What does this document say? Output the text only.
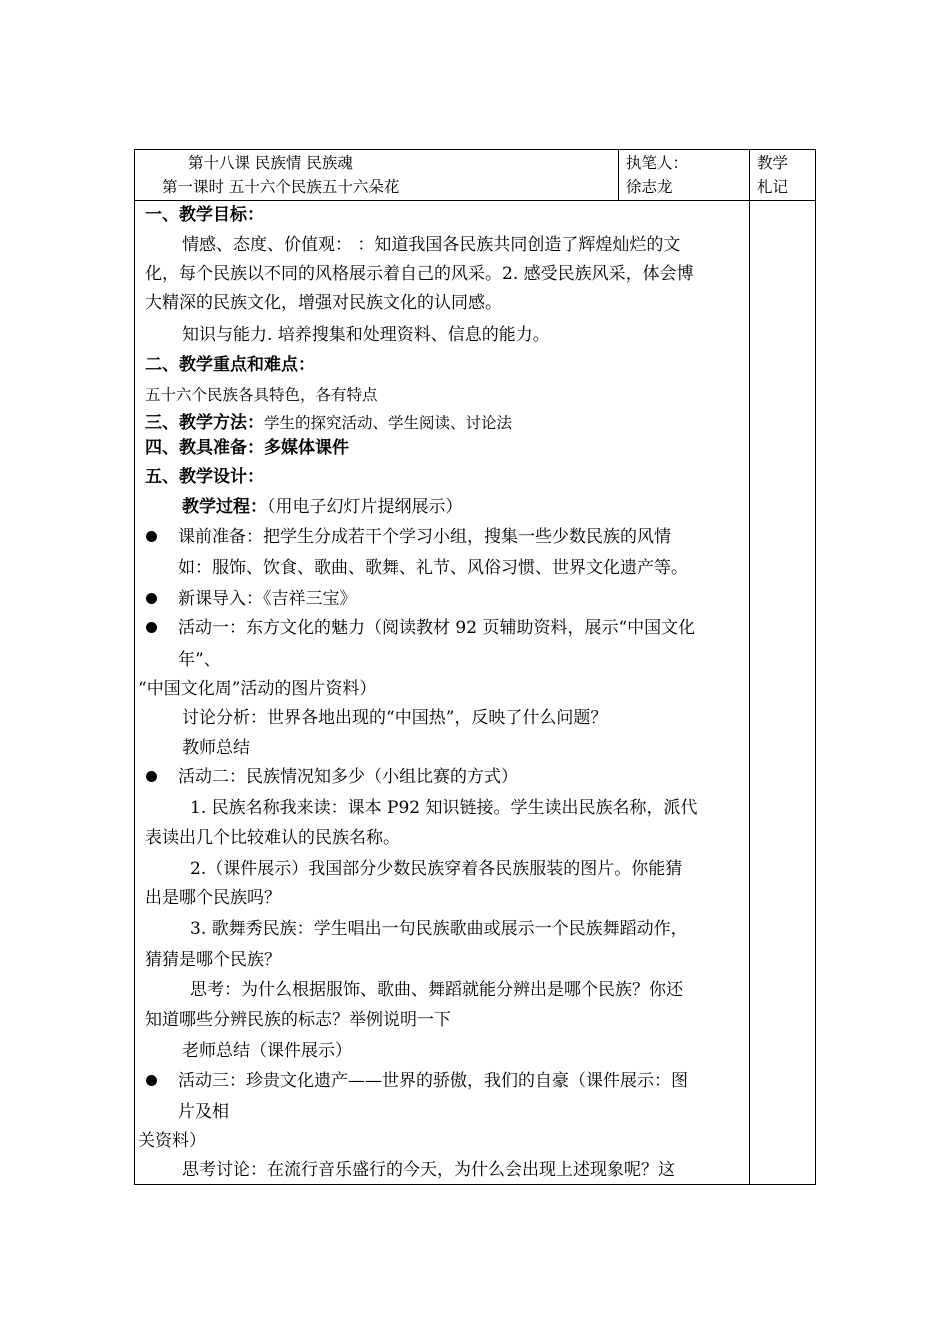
第十八课 民族情 民族魂
第一课时 五十六个民族五十六朵花
执笔人：
徐志龙
教学
札记
一、教学目标：
情感、态度、价值观： ：知道我国各民族共同创造了辉煌灿烂的文
化，每个民族以不同的风格展示着自己的风采。2. 感受民族风采，体会博
大精深的民族文化，增强对民族文化的认同感。
知识与能力. 培养搜集和处理资料、信息的能力。
二、教学重点和难点：
五十六个民族各具特色，各有特点
三、教学方法：学生的探究活动、学生阅读、讨论法
四、教具准备：多媒体课件
五、教学设计：
教学过程：（用电子幻灯片提纲展示）
课前准备：把学生分成若干个学习小组，搜集一些少数民族的风情
如：服饰、饮食、歌曲、歌舞、礼节、风俗习惯、世界文化遗产等。
新课导入：《吉祥三宝》
活动一：东方文化的魅力（阅读教材 92 页辅助资料，展示“中国文化
年”、
“中国文化周”活动的图片资料）
讨论分析：世界各地出现的“中国热”，反映了什么问题？
教师总结
活动二：民族情况知多少（小组比赛的方式）
1. 民族名称我来读：课本 P92 知识链接。学生读出民族名称，派代
表读出几个比较难认的民族名称。
2.（课件展示）我国部分少数民族穿着各民族服装的图片。你能猜
出是哪个民族吗？
3. 歌舞秀民族：学生唱出一句民族歌曲或展示一个民族舞蹈动作，
猜猜是哪个民族？
思考：为什么根据服饰、歌曲、舞蹈就能分辨出是哪个民族？你还
知道哪些分辨民族的标志？举例说明一下
老师总结（课件展示）
活动三：珍贵文化遗产——世界的骄傲，我们的自豪（课件展示：图
片及相
关资料）
思考讨论：在流行音乐盛行的今天，为什么会出现上述现象呢？这
